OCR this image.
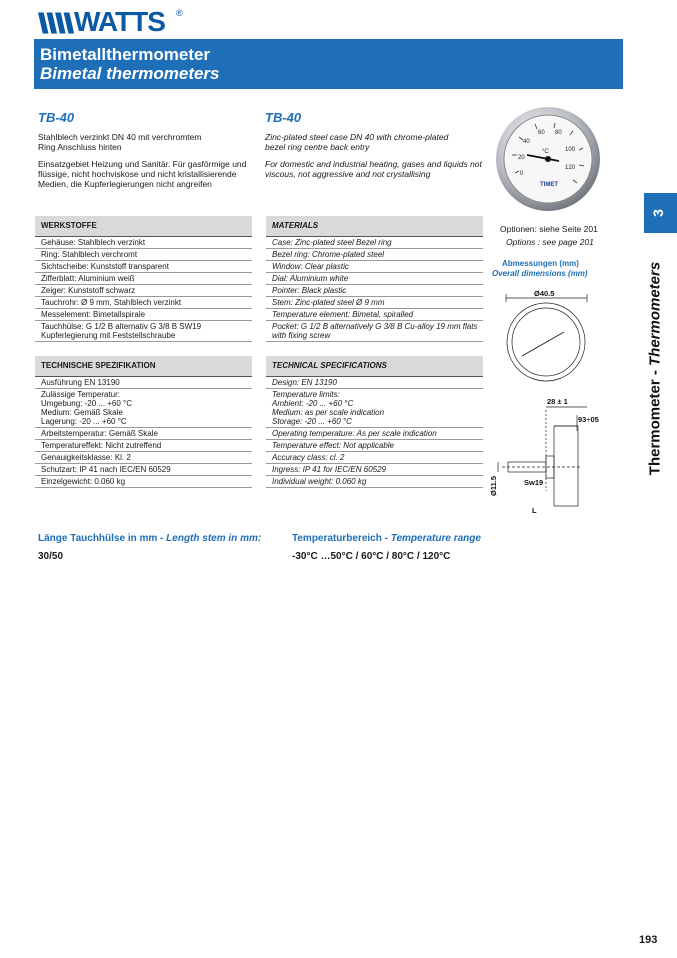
WATTS ®
Bimetallthermometer
Bimetal thermometers
TB-40
Stahlblech verzinkt DN 40 mit verchromtem
Ring Anschluss hinten
Einsatzgebiet Heizung und Sanitär. Für gasförmige und
flüssige, nicht hochviskose und nicht kristallisierende
Medien, die Kupferlegierungen nicht angreifen
WERKSTOFFE
Gehäuse: Stahlblech verzinkt
Ring: Stahlblech verchromt
Sichtscheibe: Kunststoff transparent
Zifferblatt: Aluminium weiß
Zeiger: Kunststoff schwarz
Tauchrohr: Ø 9 mm, Stahlblech verzinkt
Messelement: Bimetallspirale
Tauchhülse: G 1/2 B alternativ G 3/8 B SW19
Kupferlegierung mit Feststellschraube
TECHNISCHE SPEZIFIKATION
Ausführung EN 13190
Zulässige Temperatur:
Umgebung: -20 ... +60 °C
Medium: Gemäß Skale
Lagerung: -20 ... +60 °C
Arbeitstemperatur: Gemäß Skale
Temperatureffekt: Nicht zutreffend
Genauigkeitsklasse: Kl. 2
Schutzart: IP 41 nach IEC/EN 60529
Einzelgewicht: 0.060 kg
TB-40
Zinc-plated steel case DN 40 with chrome-plated
bezel ring centre back entry
For domestic and industrial heating, gases and liquids not
viscous, not aggressive and not crystallising
MATERIALS
Case: Zinc-plated steel Bezel ring
Bezel ring: Chrome-plated steel
Window: Clear plastic
Dial: Aluminium white
Pointer: Black plastic
Stem: Zinc-plated steel Ø 9 mm
Temperature element: Bimetal, spiralled
Pocket: G 1/2 B alternatively G 3/8 B Cu-alloy 19 mm flats
with fixing screw
TECHNICAL SPECIFICATIONS
Design: EN 13190
Temperature limits:
Ambient: -20 ... +60 °C
Medium: as per scale indication
Storage: -20 ... +60 °C
Operating temperature: As per scale indication
Temperature effect: Not applicable
Accuracy class: cl. 2
Ingress: IP 41 for IEC/EN 60529
Individual weight: 0.060 kg
0
20
40
60 80
100
120
°C
TIMET
Optionen: siehe Seite 201
Options : see page 201
Abmessungen (mm)
Overall dimensions (mm)
Ø40.5
28 ± 1
93÷05
Sw19
L
Ø11.5
Länge Tauchhülse in mm - Length stem in mm:
30/50
Temperaturbereich - Temperature range
-30°C …50°C / 60°C / 80°C / 120°C
3
Thermometer - Thermometers
193
